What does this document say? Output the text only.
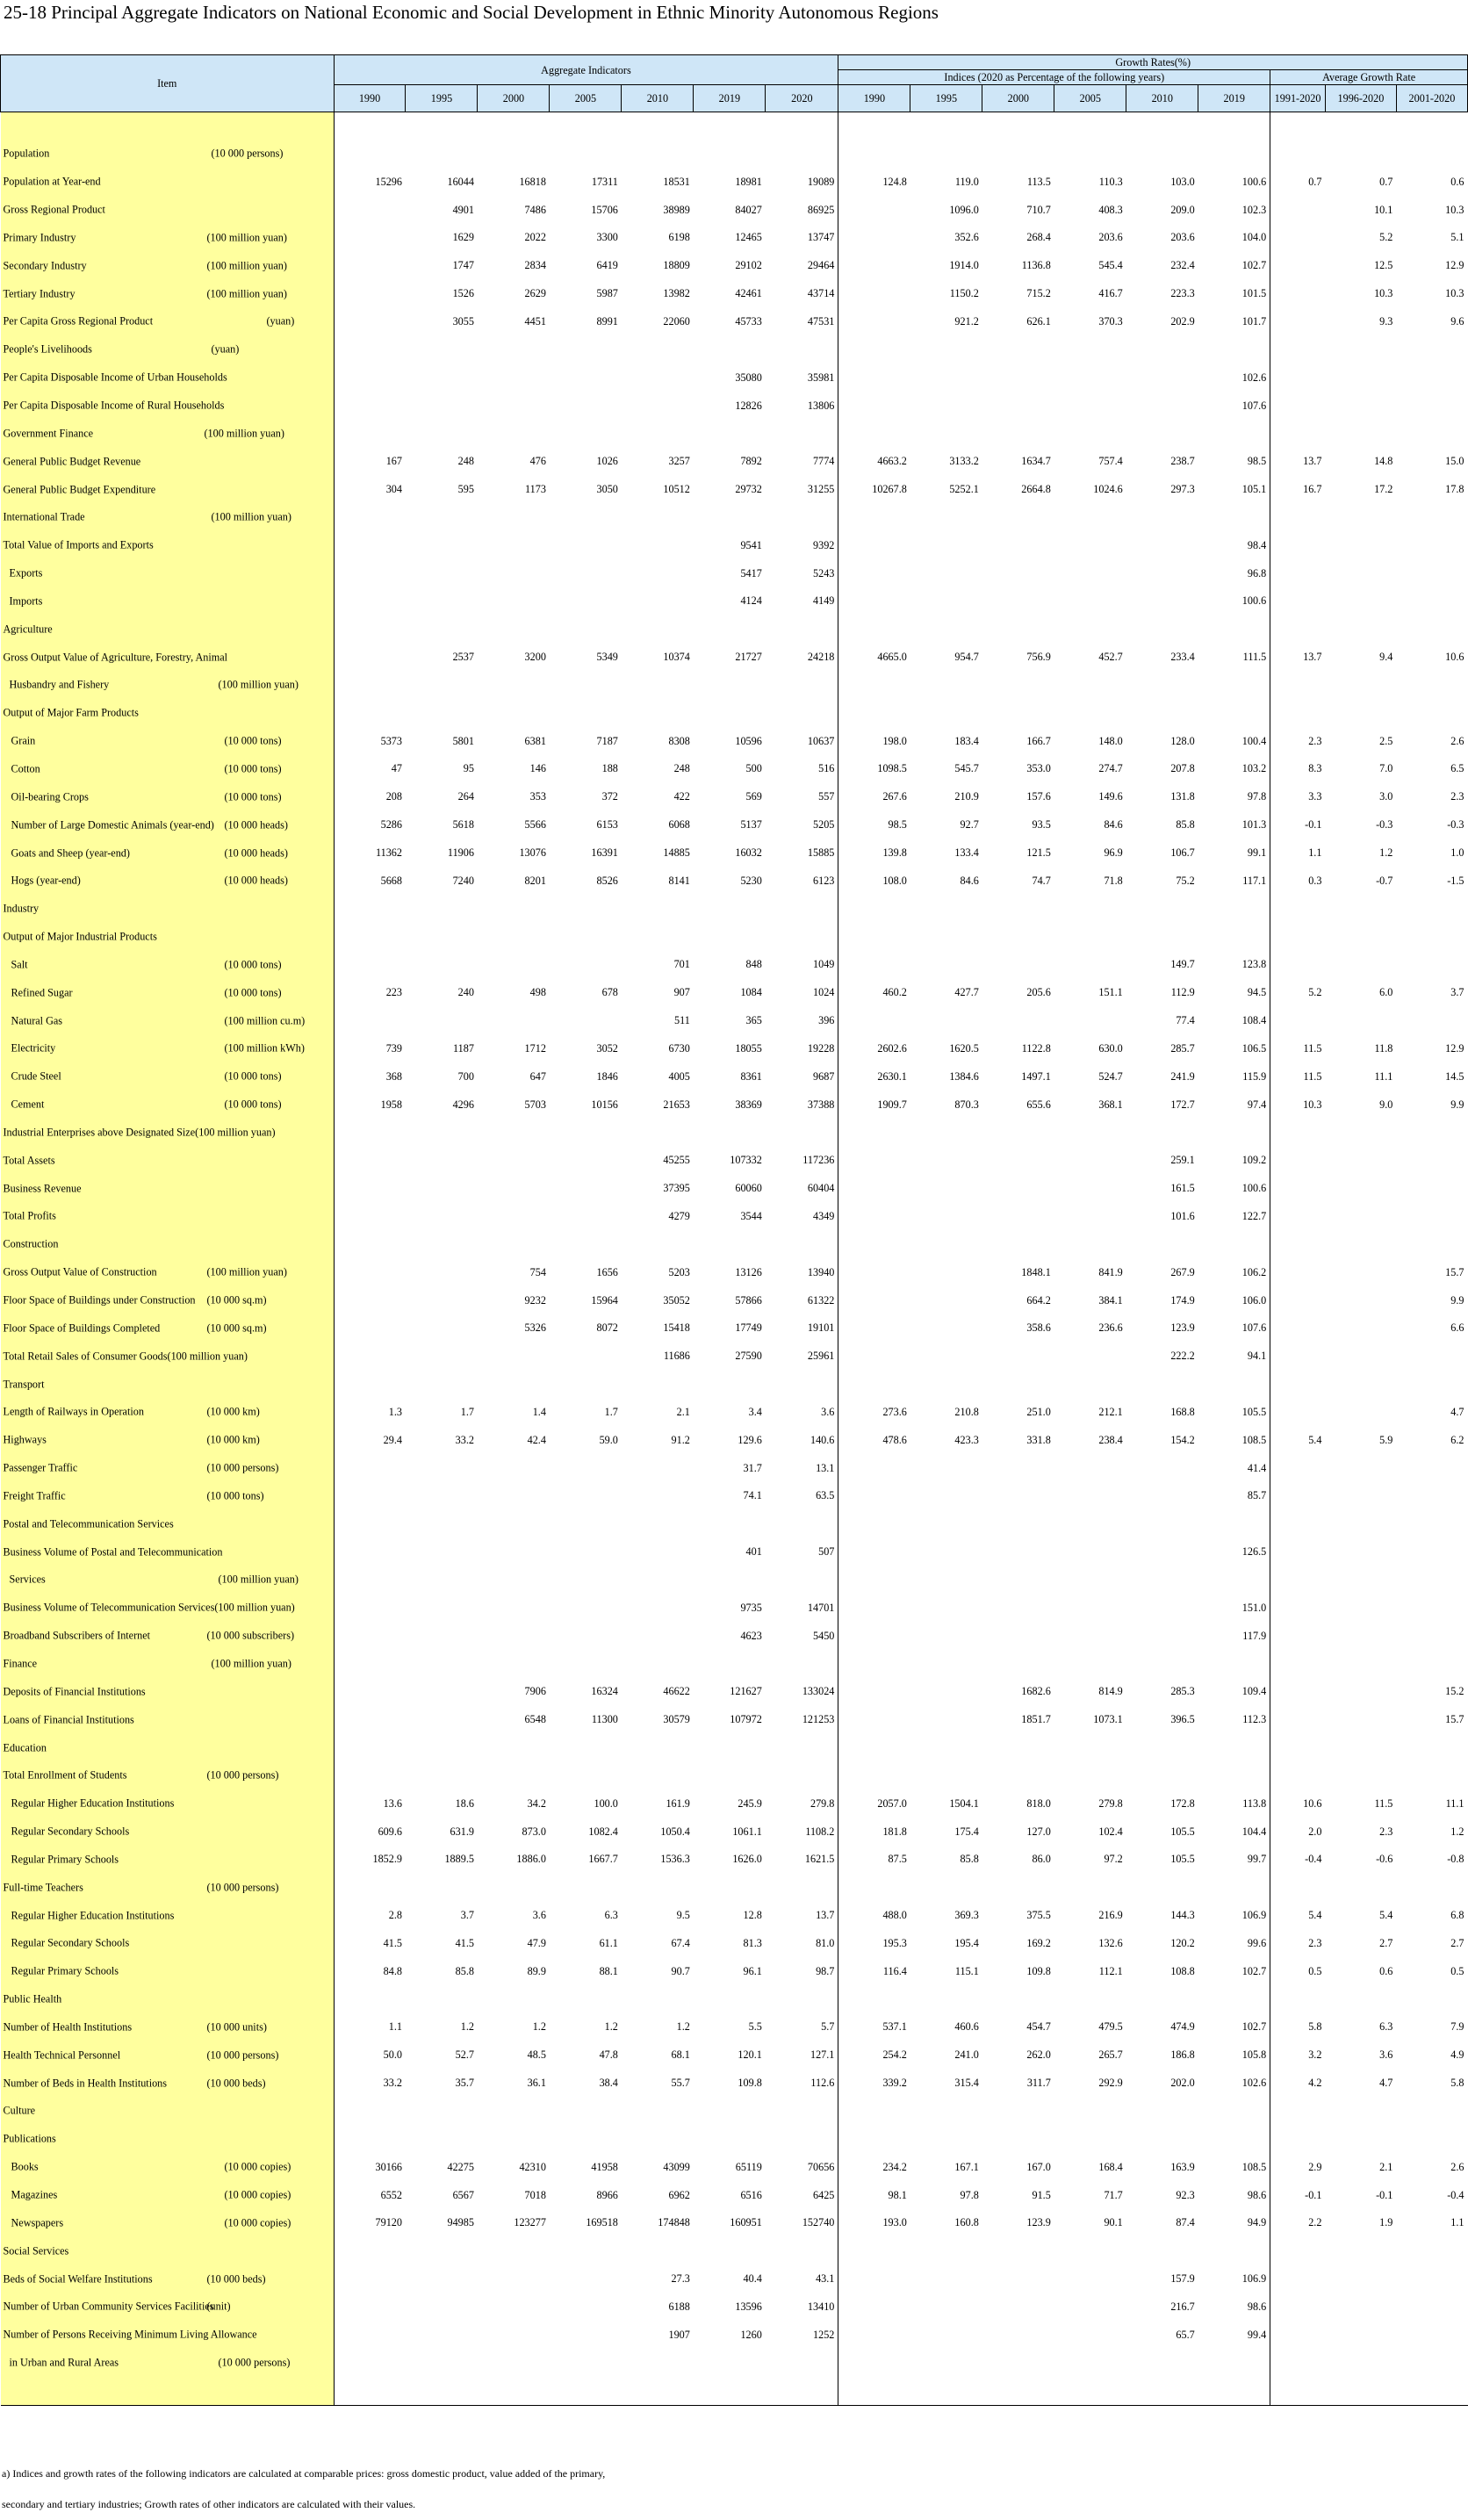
25-18 Principal Aggregate Indicators on National Economic and Social Development in Ethnic Minority Autonomous Regions
Item	Aggregate Indicators							Growth Rates(%)								
								Indices (2020 as Percentage of the following years)						Average Growth Rate		
	1990	1995	2000	2005	2010	2019	2020	1990	1995	2000	2005	2010	2019	1991-2020	1996-2020	2001-2020

Population (10 000 persons)																

Population at Year-end	15296	16044	16818	17311	18531	18981	19089	124.8	119.0	113.5	110.3	103.0	100.6	0.7	0.7	0.6

Gross Regional Product		4901	7486	15706	38989	84027	86925		1096.0	710.7	408.3	209.0	102.3		10.1	10.3

Primary Industry (100 million yuan)		1629	2022	3300	6198	12465	13747		352.6	268.4	203.6	203.6	104.0		5.2	5.1

Secondary Industry (100 million yuan)		1747	2834	6419	18809	29102	29464		1914.0	1136.8	545.4	232.4	102.7		12.5	12.9

Tertiary Industry (100 million yuan)		1526	2629	5987	13982	42461	43714		1150.2	715.2	416.7	223.3	101.5		10.3	10.3

Per Capita Gross Regional Product (yuan)		3055	4451	8991	22060	45733	47531		921.2	626.1	370.3	202.9	101.7		9.3	9.6

People's Livelihoods (yuan)																

Per Capita Disposable Income of Urban Households						35080	35981						102.6			

Per Capita Disposable Income of Rural Households						12826	13806						107.6			

Government Finance (100 million yuan)																

General Public Budget Revenue	167	248	476	1026	3257	7892	7774	4663.2	3133.2	1634.7	757.4	238.7	98.5	13.7	14.8	15.0

General Public Budget Expenditure	304	595	1173	3050	10512	29732	31255	10267.8	5252.1	2664.8	1024.6	297.3	105.1	16.7	17.2	17.8

International Trade (100 million yuan)																

Total Value of Imports and Exports						9541	9392						98.4			

Exports						5417	5243						96.8			

Imports						4124	4149						100.6			

Agriculture																

Gross Output Value of Agriculture, Forestry, Animal		2537	3200	5349	10374	21727	24218	4665.0	954.7	756.9	452.7	233.4	111.5	13.7	9.4	10.6

Husbandry and Fishery (100 million yuan)																

Output of Major Farm Products																

Grain (10 000 tons)	5373	5801	6381	7187	8308	10596	10637	198.0	183.4	166.7	148.0	128.0	100.4	2.3	2.5	2.6

Cotton (10 000 tons)	47	95	146	188	248	500	516	1098.5	545.7	353.0	274.7	207.8	103.2	8.3	7.0	6.5

Oil-bearing Crops (10 000 tons)	208	264	353	372	422	569	557	267.6	210.9	157.6	149.6	131.8	97.8	3.3	3.0	2.3

Number of Large Domestic Animals (year-end) (10 000 heads)	5286	5618	5566	6153	6068	5137	5205	98.5	92.7	93.5	84.6	85.8	101.3	-0.1	-0.3	-0.3

Goats and Sheep (year-end) (10 000 heads)	11362	11906	13076	16391	14885	16032	15885	139.8	133.4	121.5	96.9	106.7	99.1	1.1	1.2	1.0

Hogs (year-end) (10 000 heads)	5668	7240	8201	8526	8141	5230	6123	108.0	84.6	74.7	71.8	75.2	117.1	0.3	-0.7	-1.5

Industry																

Output of Major Industrial Products																

Salt (10 000 tons)					701	848	1049					149.7	123.8			

Refined Sugar (10 000 tons)	223	240	498	678	907	1084	1024	460.2	427.7	205.6	151.1	112.9	94.5	5.2	6.0	3.7

Natural Gas (100 million cu.m)					511	365	396					77.4	108.4			

Electricity (100 million kWh)	739	1187	1712	3052	6730	18055	19228	2602.6	1620.5	1122.8	630.0	285.7	106.5	11.5	11.8	12.9

Crude Steel (10 000 tons)	368	700	647	1846	4005	8361	9687	2630.1	1384.6	1497.1	524.7	241.9	115.9	11.5	11.1	14.5

Cement (10 000 tons)	1958	4296	5703	10156	21653	38369	37388	1909.7	870.3	655.6	368.1	172.7	97.4	10.3	9.0	9.9

Industrial Enterprises above Designated Size(100 million yuan)																

Total Assets					45255	107332	117236					259.1	109.2			

Business Revenue					37395	60060	60404					161.5	100.6			

Total Profits					4279	3544	4349					101.6	122.7			

Construction																

Gross Output Value of Construction (100 million yuan)			754	1656	5203	13126	13940			1848.1	841.9	267.9	106.2			15.7

Floor Space of Buildings under Construction (10 000 sq.m)			9232	15964	35052	57866	61322			664.2	384.1	174.9	106.0			9.9

Floor Space of Buildings Completed (10 000 sq.m)			5326	8072	15418	17749	19101			358.6	236.6	123.9	107.6			6.6

Total Retail Sales of Consumer Goods(100 million yuan)					11686	27590	25961					222.2	94.1			

Transport																

Length of Railways in Operation (10 000 km)	1.3	1.7	1.4	1.7	2.1	3.4	3.6	273.6	210.8	251.0	212.1	168.8	105.5			4.7

Highways (10 000 km)	29.4	33.2	42.4	59.0	91.2	129.6	140.6	478.6	423.3	331.8	238.4	154.2	108.5	5.4	5.9	6.2

Passenger Traffic (10 000 persons)						31.7	13.1						41.4			

Freight Traffic (10 000 tons)						74.1	63.5						85.7			

Postal and Telecommunication Services																

Business Volume of Postal and Telecommunication						401	507						126.5			

Services (100 million yuan)																

Business Volume of Telecommunication Services(100 million yuan)						9735	14701						151.0			

Broadband Subscribers of Internet (10 000 subscribers)						4623	5450						117.9			

Finance (100 million yuan)																

Deposits of Financial Institutions			7906	16324	46622	121627	133024			1682.6	814.9	285.3	109.4			15.2

Loans of Financial Institutions			6548	11300	30579	107972	121253			1851.7	1073.1	396.5	112.3			15.7

Education																

Total Enrollment of Students (10 000 persons)																

Regular Higher Education Institutions	13.6	18.6	34.2	100.0	161.9	245.9	279.8	2057.0	1504.1	818.0	279.8	172.8	113.8	10.6	11.5	11.1

Regular Secondary Schools	609.6	631.9	873.0	1082.4	1050.4	1061.1	1108.2	181.8	175.4	127.0	102.4	105.5	104.4	2.0	2.3	1.2

Regular Primary Schools	1852.9	1889.5	1886.0	1667.7	1536.3	1626.0	1621.5	87.5	85.8	86.0	97.2	105.5	99.7	-0.4	-0.6	-0.8

Full-time Teachers (10 000 persons)																

Regular Higher Education Institutions	2.8	3.7	3.6	6.3	9.5	12.8	13.7	488.0	369.3	375.5	216.9	144.3	106.9	5.4	5.4	6.8

Regular Secondary Schools	41.5	41.5	47.9	61.1	67.4	81.3	81.0	195.3	195.4	169.2	132.6	120.2	99.6	2.3	2.7	2.7

Regular Primary Schools	84.8	85.8	89.9	88.1	90.7	96.1	98.7	116.4	115.1	109.8	112.1	108.8	102.7	0.5	0.6	0.5

Public Health																

Number of Health Institutions (10 000 units)	1.1	1.2	1.2	1.2	1.2	5.5	5.7	537.1	460.6	454.7	479.5	474.9	102.7	5.8	6.3	7.9

Health Technical Personnel (10 000 persons)	50.0	52.7	48.5	47.8	68.1	120.1	127.1	254.2	241.0	262.0	265.7	186.8	105.8	3.2	3.6	4.9

Number of Beds in Health Institutions (10 000 beds)	33.2	35.7	36.1	38.4	55.7	109.8	112.6	339.2	315.4	311.7	292.9	202.0	102.6	4.2	4.7	5.8

Culture																

Publications																

Books (10 000 copies)	30166	42275	42310	41958	43099	65119	70656	234.2	167.1	167.0	168.4	163.9	108.5	2.9	2.1	2.6

Magazines (10 000 copies)	6552	6567	7018	8966	6962	6516	6425	98.1	97.8	91.5	71.7	92.3	98.6	-0.1	-0.1	-0.4

Newspapers (10 000 copies)	79120	94985	123277	169518	174848	160951	152740	193.0	160.8	123.9	90.1	87.4	94.9	2.2	1.9	1.1

Social Services																

Beds of Social Welfare Institutions (10 000 beds)					27.3	40.4	43.1					157.9	106.9			

Number of Urban Community Services Facilities
(unit)					6188	13596	13410					216.7	98.6			

Number of Persons Receiving Minimum Living Allowance					1907	1260	1252					65.7	99.4			

in Urban and Rural Areas (10 000 persons)																

a) Indices and growth rates of the following indicators are calculated at comparable prices: gross domestic product, value added of the primary,
secondary and tertiary industries; Growth rates of other indicators are calculated with their values.
